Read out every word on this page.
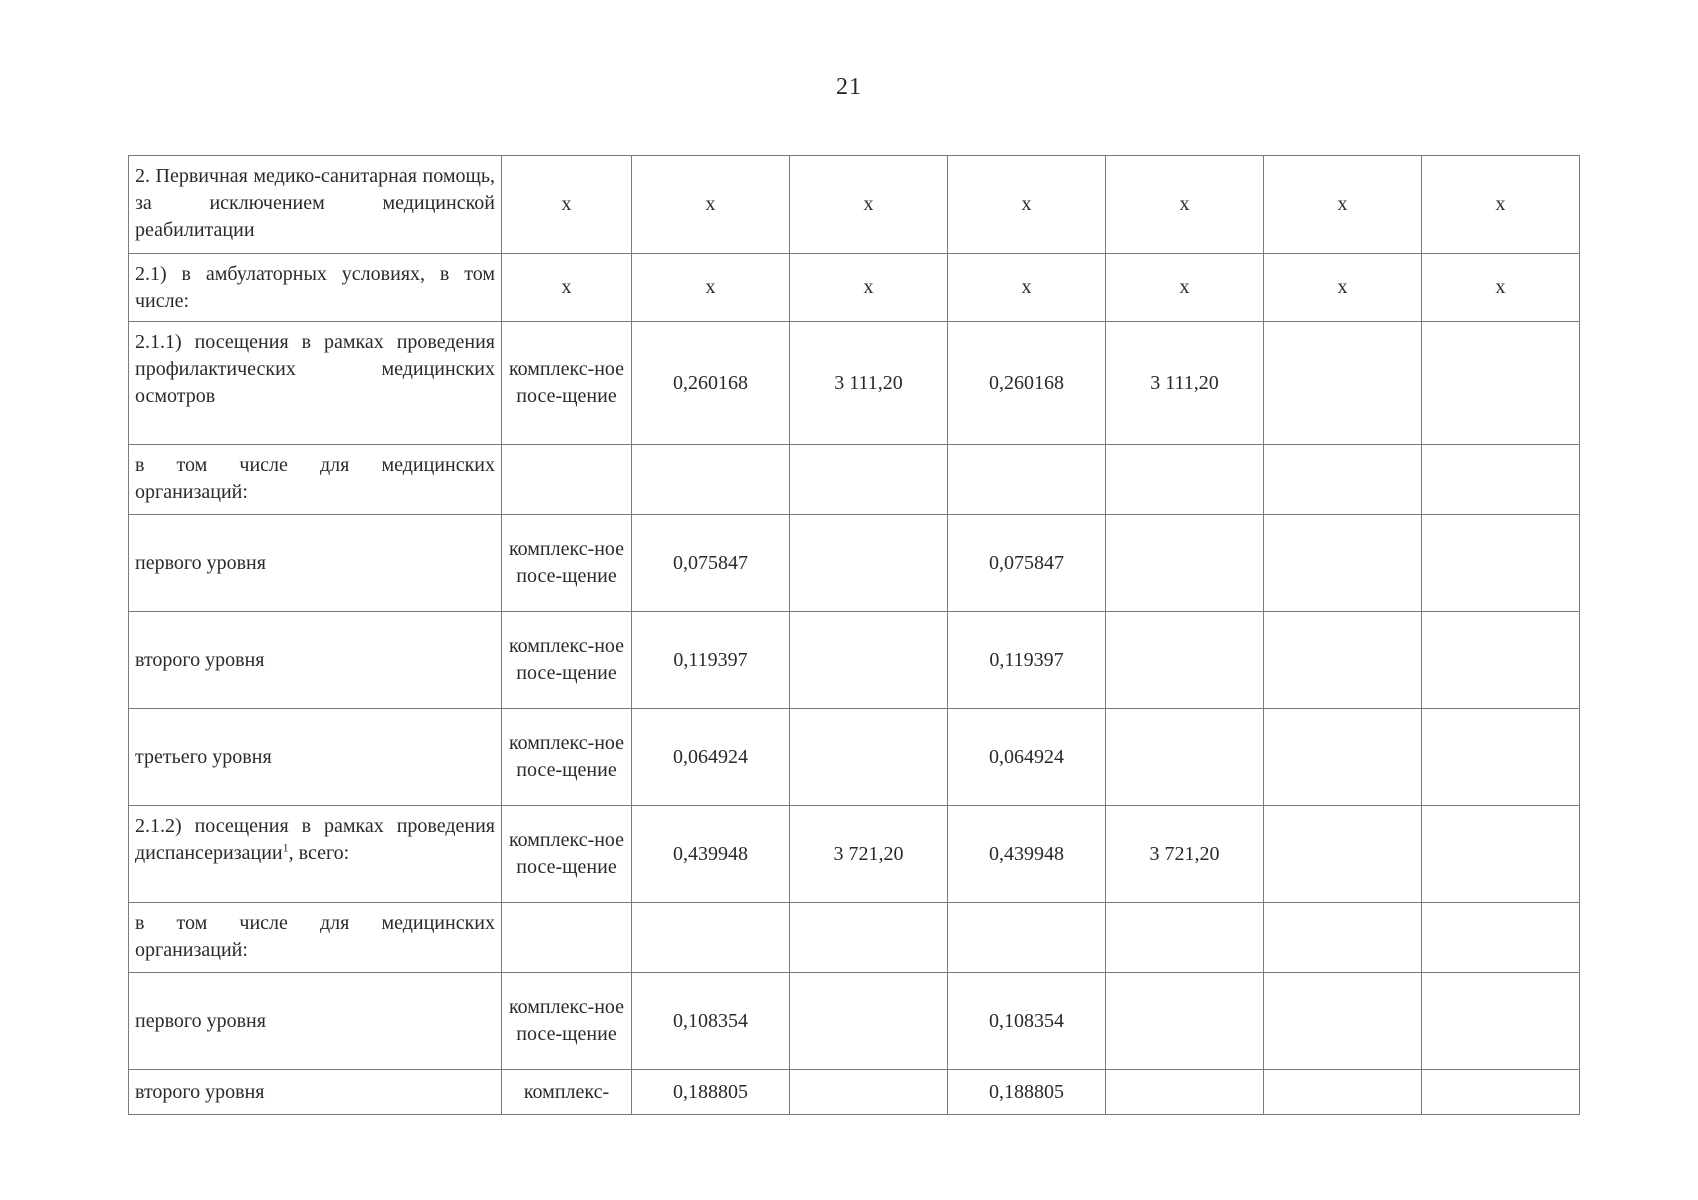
21
2. Первичная медико-санитарная помощь, за исключением медицинской реабилитации	х	х	х	х	х	х	х
2.1) в амбулаторных условиях, в том числе:	х	х	х	х	х	х	х
2.1.1) посещения в рамках проведения профилактических медицинских осмотров	комплекс-ное посе-щение	0,260168	3 111,20	0,260168	3 111,20		
в том числе для медицинских организаций:							
первого уровня	комплекс-ное посе-щение	0,075847		0,075847			
второго уровня	комплекс-ное посе-щение	0,119397		0,119397			
третьего уровня	комплекс-ное посе-щение	0,064924		0,064924			
2.1.2) посещения в рамках проведения диспансеризации$^1$, всего:	комплекс-ное посе-щение	0,439948	3 721,20	0,439948	3 721,20		
в том числе для медицинских организаций:							
первого уровня	комплекс-ное посе-щение	0,108354		0,108354			
второго уровня	комплекс-	0,188805		0,188805			
